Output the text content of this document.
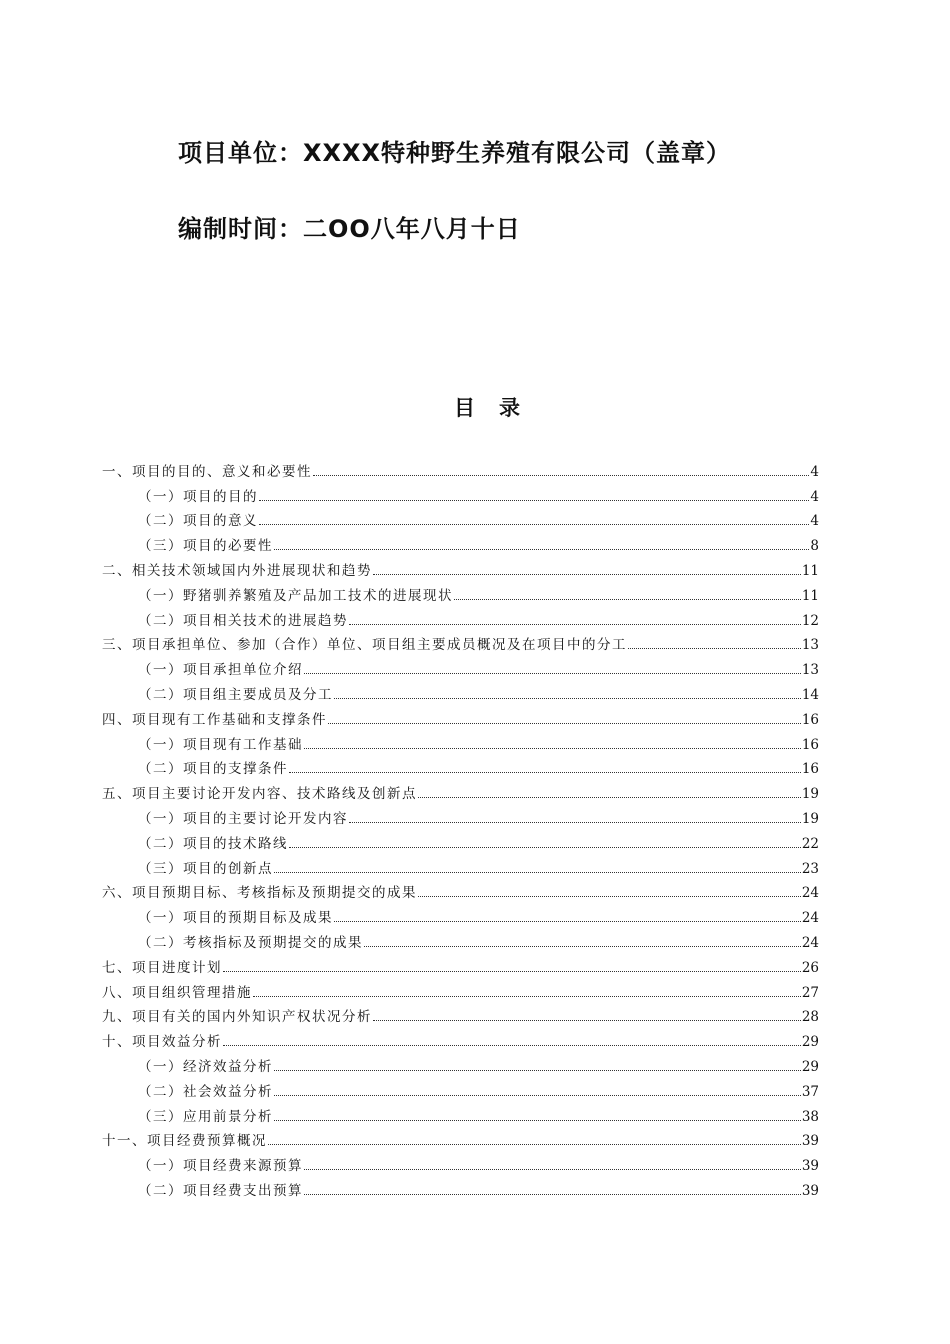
项目单位：XXXX特种野生养殖有限公司（盖章）
编制时间：二OO八年八月十日
目录
一、项目的目的、意义和必要性	4
（一）项目的目的	4
（二）项目的意义	4
（三）项目的必要性	8
二、相关技术领域国内外进展现状和趋势	11
（一）野猪驯养繁殖及产品加工技术的进展现状	11
（二）项目相关技术的进展趋势	12
三、项目承担单位、参加（合作）单位、项目组主要成员概况及在项目中的分工	13
（一）项目承担单位介绍	13
（二）项目组主要成员及分工	14
四、项目现有工作基础和支撑条件	16
（一）项目现有工作基础	16
（二）项目的支撑条件	16
五、项目主要讨论开发内容、技术路线及创新点	19
（一）项目的主要讨论开发内容	19
（二）项目的技术路线	22
（三）项目的创新点	23
六、项目预期目标、考核指标及预期提交的成果	24
（一）项目的预期目标及成果	24
（二）考核指标及预期提交的成果	24
七、项目进度计划	26
八、项目组织管理措施	27
九、项目有关的国内外知识产权状况分析	28
十、项目效益分析	29
（一）经济效益分析	29
（二）社会效益分析	37
（三）应用前景分析	38
十一、项目经费预算概况	39
（一）项目经费来源预算	39
（二）项目经费支出预算	39
